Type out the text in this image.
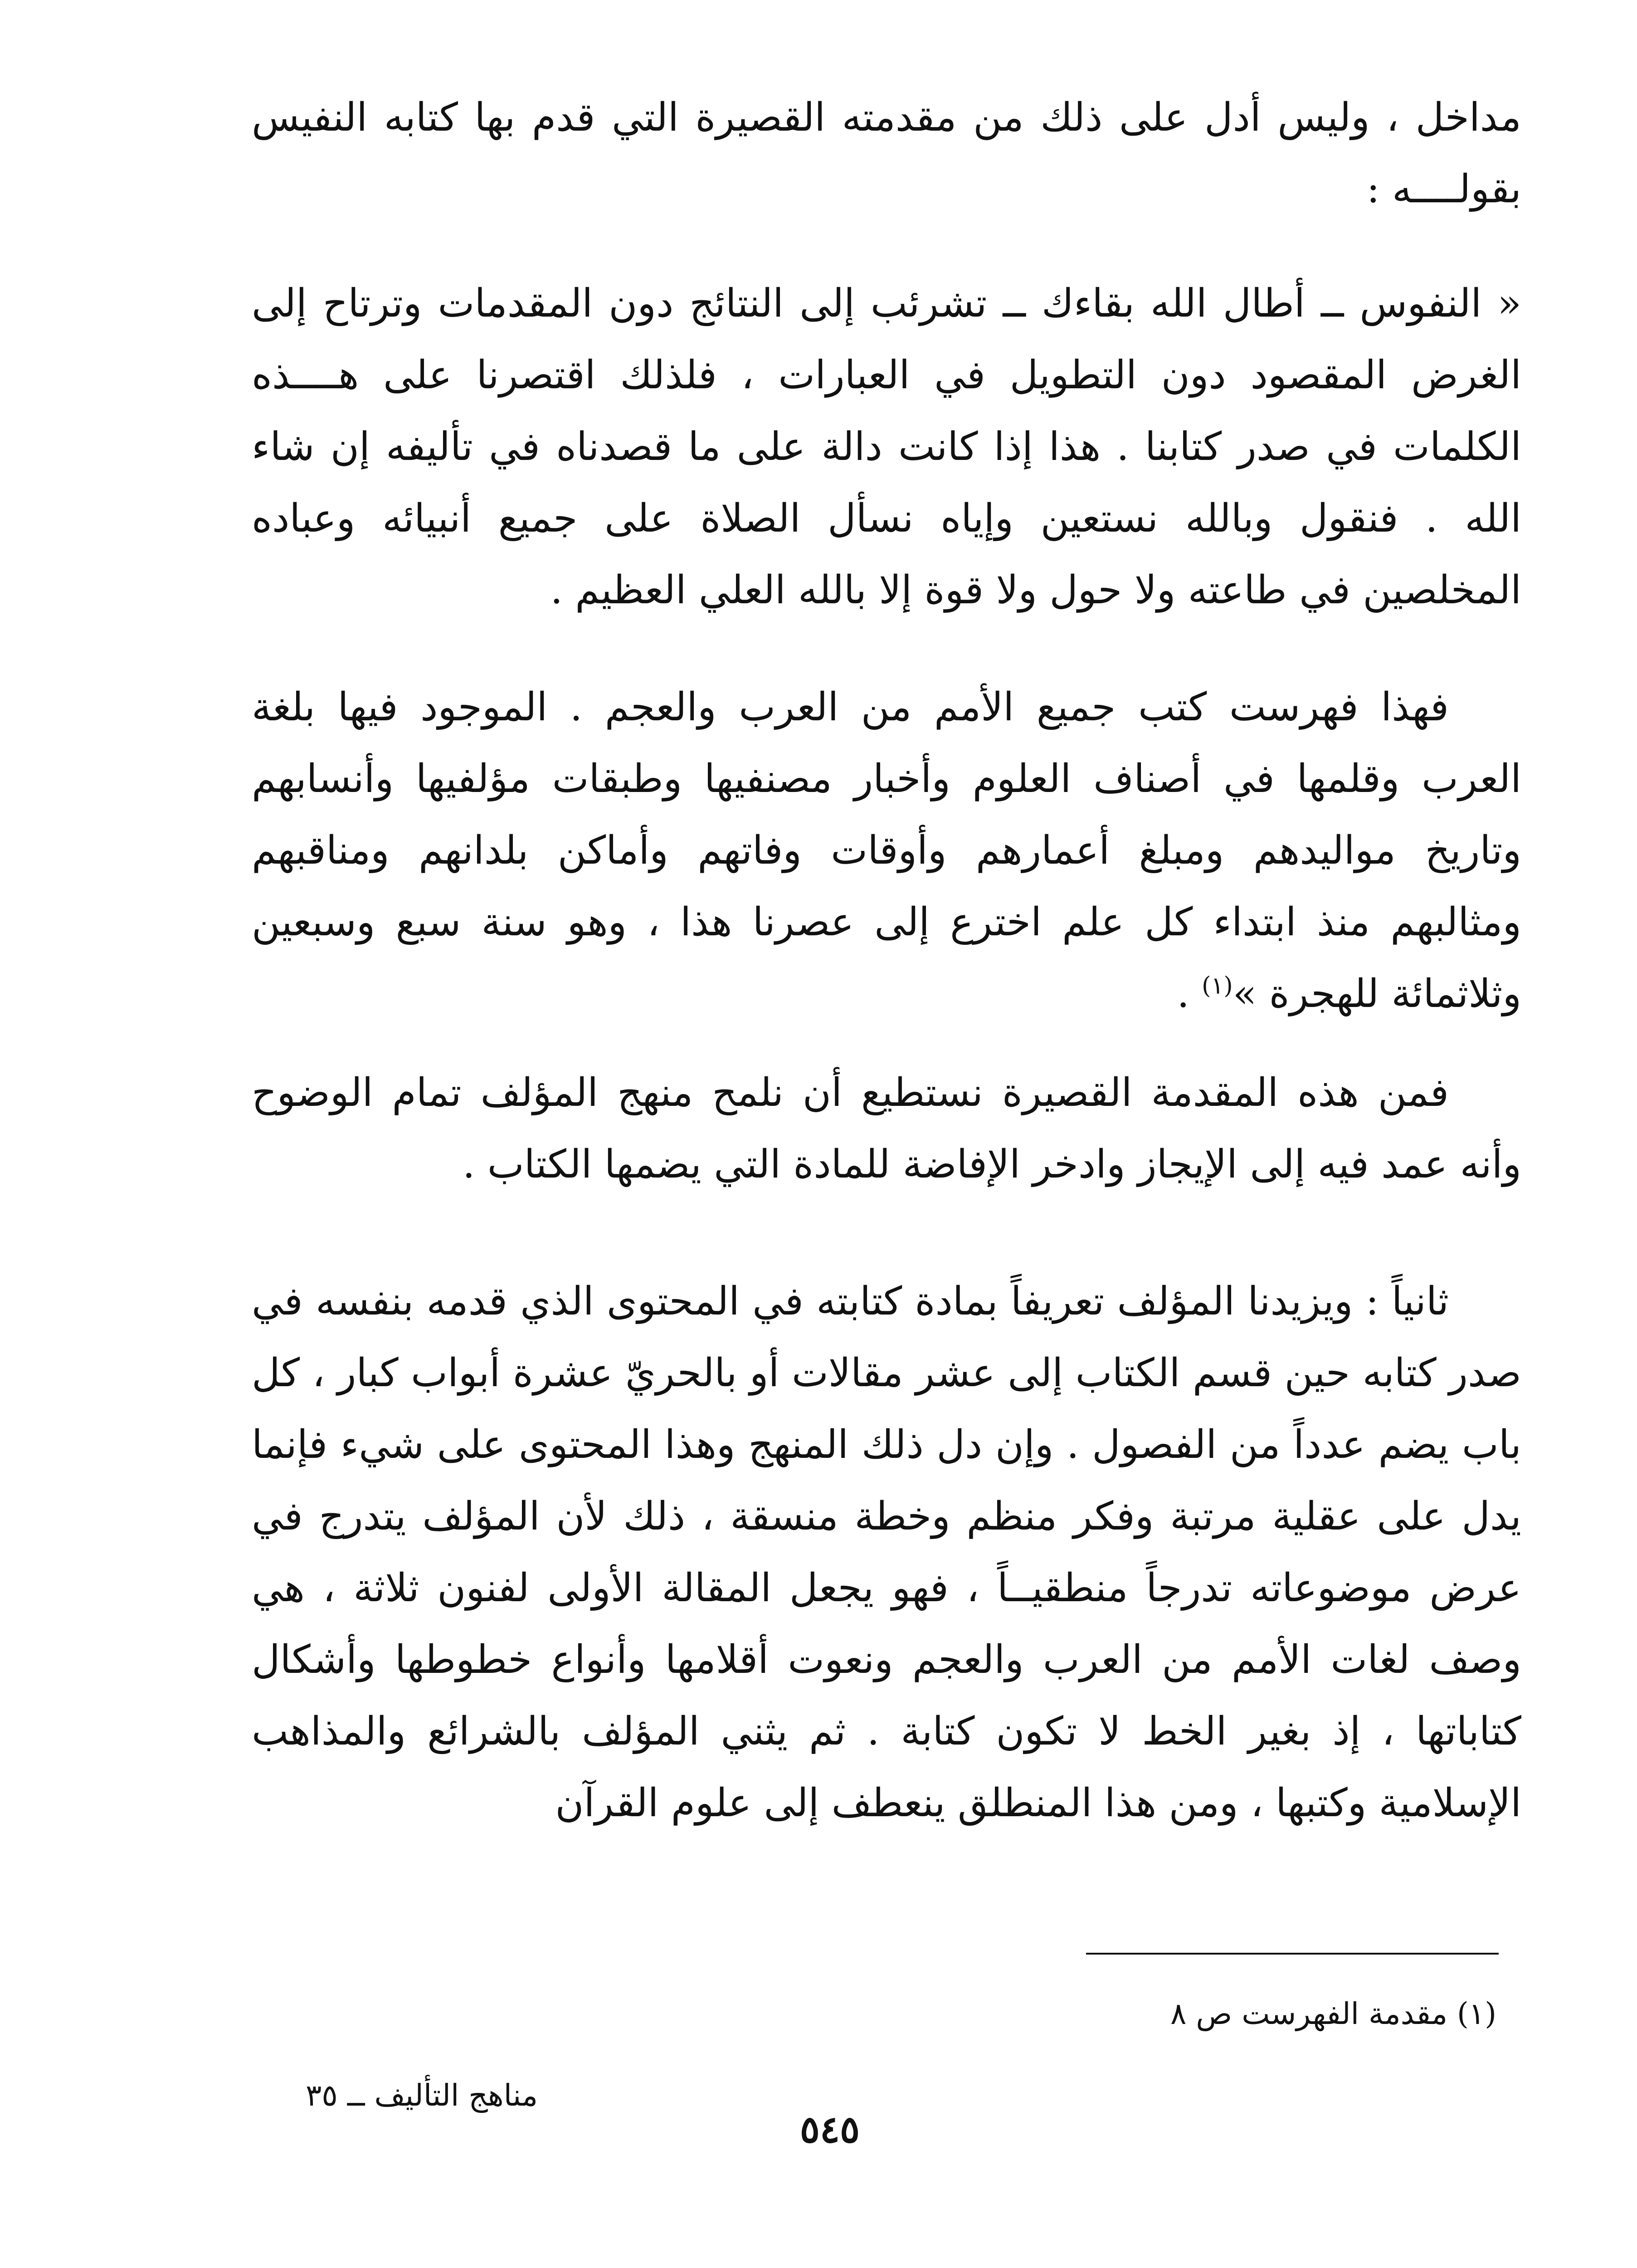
مداخل ، وليس أدل على ذلك من مقدمته القصيرة التي قدم بها كتابه النفيس بقولــــه :

« النفوس ــ أطال الله بقاءك ــ تشرئب إلى النتائج دون المقدمات وترتاح إلى الغرض المقصود دون التطويل في العبارات ، فلذلك اقتصرنا على هــــذه الكلمات في صدر كتابنا . هذا إذا كانت دالة على ما قصدناه في تأليفه إن شاء الله . فنقول وبالله نستعين وإياه نسأل الصلاة على جميع أنبيائه وعباده المخلصين في طاعته ولا حول ولا قوة إلا بالله العلي العظيم .

فهذا فهرست كتب جميع الأمم من العرب والعجم . الموجود فيها بلغة العرب وقلمها في أصناف العلوم وأخبار مصنفيها وطبقات مؤلفيها وأنسابهم وتاريخ مواليدهم ومبلغ أعمارهم وأوقات وفاتهم وأماكن بلدانهم ومناقبهم ومثالبهم منذ ابتداء كل علم اخترع إلى عصرنا هذا ، وهو سنة سبع وسبعين وثلاثمائة للهجرة »$^{(١)}$ .

فمن هذه المقدمة القصيرة نستطيع أن نلمح منهج المؤلف تمام الوضوح وأنه عمد فيه إلى الإيجاز وادخر الإفاضة للمادة التي يضمها الكتاب .

ثانياً : ويزيدنا المؤلف تعريفاً بمادة كتابته في المحتوى الذي قدمه بنفسه في صدر كتابه حين قسم الكتاب إلى عشر مقالات أو بالحريّ عشرة أبواب كبار ، كل باب يضم عدداً من الفصول . وإن دل ذلك المنهج وهذا المحتوى على شيء فإنما يدل على عقلية مرتبة وفكر منظم وخطة منسقة ، ذلك لأن المؤلف يتدرج في عرض موضوعاته تدرجاً منطقيــاً ، فهو يجعل المقالة الأولى لفنون ثلاثة ، هي وصف لغات الأمم من العرب والعجم ونعوت أقلامها وأنواع خطوطها وأشكال كتاباتها ، إذ بغير الخط لا تكون كتابة . ثم يثني المؤلف بالشرائع والمذاهب الإسلامية وكتبها ، ومن هذا المنطلق ينعطف إلى علوم القرآن

(١) مقدمة الفهرست ص ٨
مناهج التأليف ــ ٣٥
٥٤٥
